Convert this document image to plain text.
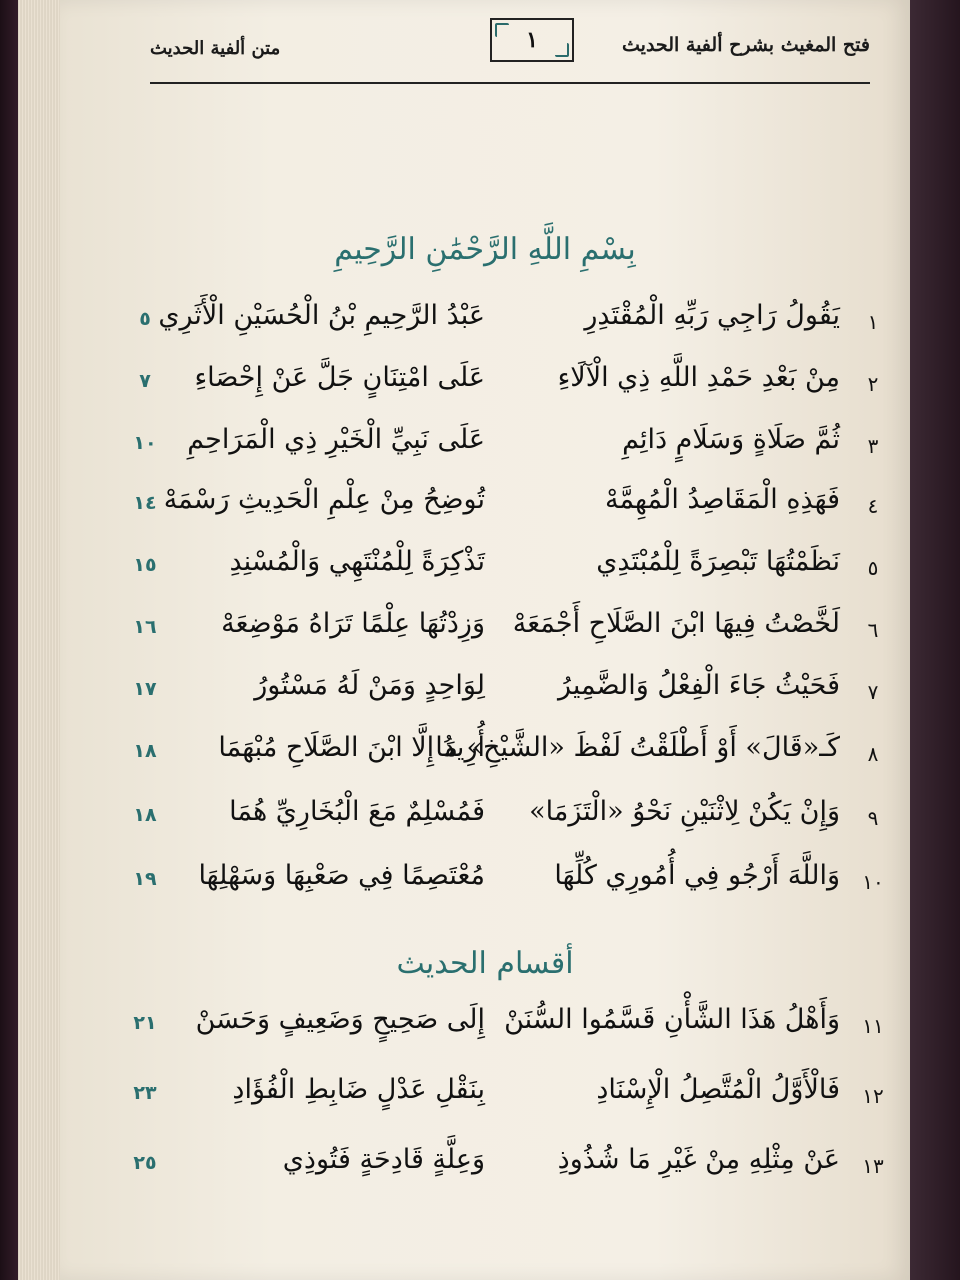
فتح المغيث بشرح ألفية الحديث
١
متن ألفية الحديث
بِسْمِ اللَّهِ الرَّحْمَٰنِ الرَّحِيمِ
١
يَقُولُ رَاجِي رَبِّهِ الْمُقْتَدِرِ
عَبْدُ الرَّحِيمِ بْنُ الْحُسَيْنِ الْأَثَرِي
٥
٢
مِنْ بَعْدِ حَمْدِ اللَّهِ ذِي الْآلَاءِ
عَلَى امْتِنَانٍ جَلَّ عَنْ إِحْصَاءِ
٧
٣
ثُمَّ صَلَاةٍ وَسَلَامٍ دَائِمِ
عَلَى نَبِيِّ الْخَيْرِ ذِي الْمَرَاحِمِ
١٠
٤
فَهَذِهِ الْمَقَاصِدُ الْمُهِمَّهْ
تُوضِحُ مِنْ عِلْمِ الْحَدِيثِ رَسْمَهْ
١٤
٥
نَظَمْتُهَا تَبْصِرَةً لِلْمُبْتَدِي
تَذْكِرَةً لِلْمُنْتَهِي وَالْمُسْنِدِ
١٥
٦
لَخَّصْتُ فِيهَا ابْنَ الصَّلَاحِ أَجْمَعَهْ
وَزِدْتُهَا عِلْمًا تَرَاهُ مَوْضِعَهْ
١٦
٧
فَحَيْثُ جَاءَ الْفِعْلُ وَالضَّمِيرُ
لِوَاحِدٍ وَمَنْ لَهُ مَسْتُورُ
١٧
٨
كَـ«قَالَ» أَوْ أَطْلَقْتُ لَفْظَ «الشَّيْخِ» مَا
أُرِيدُ إِلَّا ابْنَ الصَّلَاحِ مُبْهَمَا
١٨
٩
وَإِنْ يَكُنْ لِاثْنَيْنِ نَحْوُ «الْتَزَمَا»
فَمُسْلِمٌ مَعَ الْبُخَارِيِّ هُمَا
١٨
١٠
وَاللَّهَ أَرْجُو فِي أُمُورِي كُلِّهَا
مُعْتَصِمًا فِي صَعْبِهَا وَسَهْلِهَا
١٩
أقسام الحديث
١١
وَأَهْلُ هَذَا الشَّأْنِ قَسَّمُوا السُّنَنْ
إِلَى صَحِيحٍ وَضَعِيفٍ وَحَسَنْ
٢١
١٢
فَالْأَوَّلُ الْمُتَّصِلُ الْإِسْنَادِ
بِنَقْلِ عَدْلٍ ضَابِطِ الْفُؤَادِ
٢٣
١٣
عَنْ مِثْلِهِ مِنْ غَيْرِ مَا شُذُوذِ
وَعِلَّةٍ قَادِحَةٍ فَتُوذِي
٢٥
